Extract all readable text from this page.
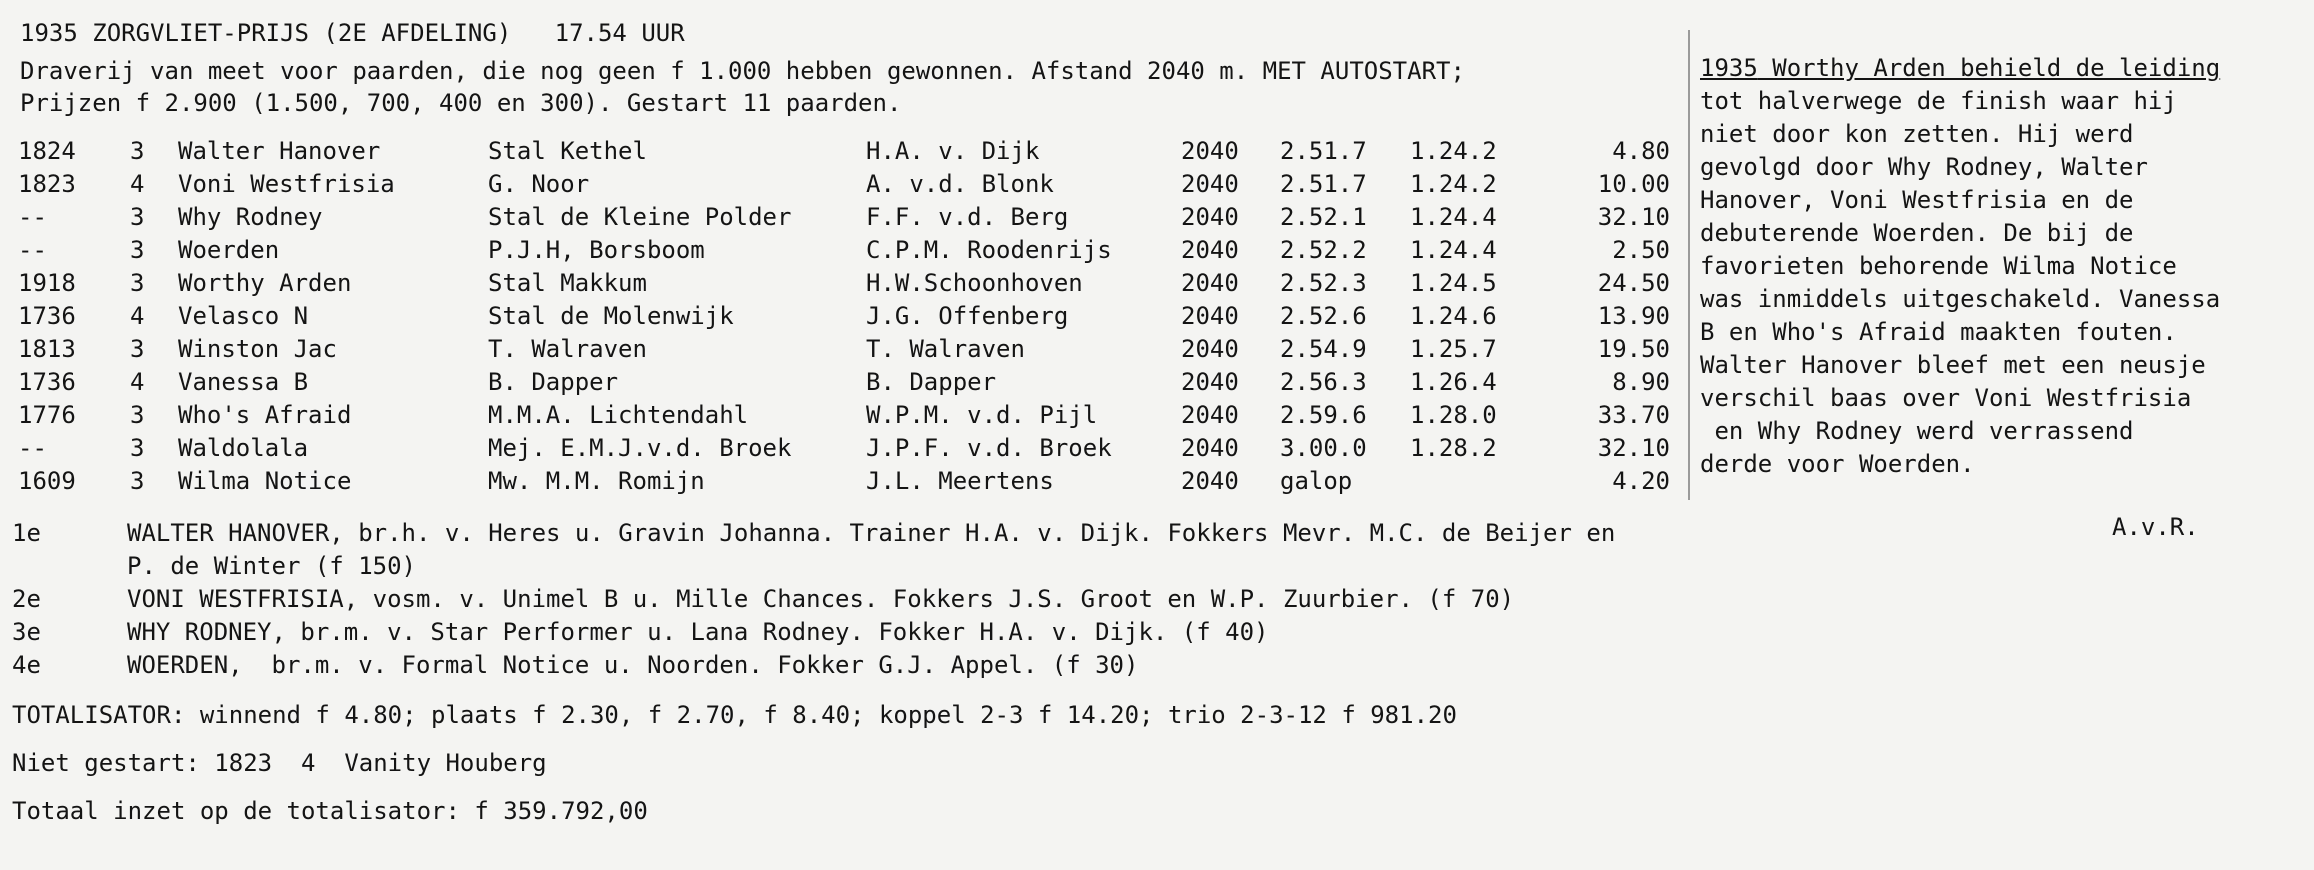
1935 ZORGVLIET-PRIJS (2E AFDELING)   17.54 UUR
Draverij van meet voor paarden, die nog geen f 1.000 hebben gewonnen. Afstand 2040 m. MET AUTOSTART;
Prijzen f 2.900 (1.500, 700, 400 en 300). Gestart 11 paarden.
1824 3 Walter Hanover	Stal Kethel	H.A. v. Dijk	2040 2.51.7 1.24.2	4.80
1823 4 Voni Westfrisia	G. Noor	A. v.d. Blonk	2040 2.51.7 1.24.2	10.00
--	3 Why Rodney	Stal de Kleine Polder	F.F. v.d. Berg	2040 2.52.1 1.24.4	32.10
--	3 Woerden	P.J.H, Borsboom	C.P.M. Roodenrijs	2040 2.52.2 1.24.4	2.50
1918 3 Worthy Arden	Stal Makkum	H.W.Schoonhoven	2040 2.52.3 1.24.5	24.50
1736 4 Velasco N	Stal de Molenwijk	J.G. Offenberg	2040 2.52.6 1.24.6	13.90
1813 3 Winston Jac	T. Walraven	T. Walraven	2040 2.54.9 1.25.7	19.50
1736 4 Vanessa B	B. Dapper	B. Dapper	2040 2.56.3 1.26.4	8.90
1776 3 Who's Afraid	M.M.A. Lichtendahl	W.P.M. v.d. Pijl	2040 2.59.6 1.28.0	33.70
--	3 Waldolala	Mej. E.M.J.v.d. Broek	J.P.F. v.d. Broek	2040 3.00.0 1.28.2	32.10
1609 3 Wilma Notice	Mw. M.M. Romijn	J.L. Meertens	2040 galop	4.20
1935 Worthy Arden behield de leiding
tot halverwege de finish waar hij
niet door kon zetten. Hij werd
gevolgd door Why Rodney, Walter
Hanover, Voni Westfrisia en de
debuterende Woerden. De bij de
favorieten behorende Wilma Notice
was inmiddels uitgeschakeld. Vanessa
B en Who's Afraid maakten fouten.
Walter Hanover bleef met een neusje
verschil baas over Voni Westfrisia
en Why Rodney werd verrassend
derde voor Woerden.
A.v.R.
1e	WALTER HANOVER, br.h. v. Heres u. Gravin Johanna. Trainer H.A. v. Dijk. Fokkers Mevr. M.C. de Beijer en
P. de Winter (f 150)
2e	VONI WESTFRISIA, vosm. v. Unimel B u. Mille Chances. Fokkers J.S. Groot en W.P. Zuurbier. (f 70)
3e	WHY RODNEY, br.m. v. Star Performer u. Lana Rodney. Fokker H.A. v. Dijk. (f 40)
4e	WOERDEN,  br.m. v. Formal Notice u. Noorden. Fokker G.J. Appel. (f 30)
TOTALISATOR: winnend f 4.80; plaats f 2.30, f 2.70, f 8.40; koppel 2-3 f 14.20; trio 2-3-12 f 981.20
Niet gestart: 1823  4  Vanity Houberg
Totaal inzet op de totalisator: f 359.792,00
